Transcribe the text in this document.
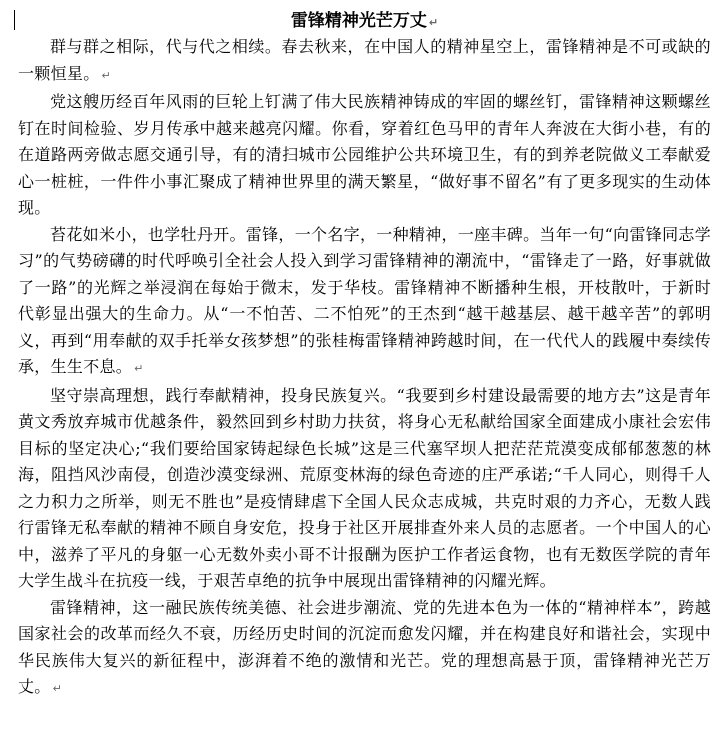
雷锋精神光芒万丈 ↵

群与群之相际，代与代之相续。春去秋来，在中国人的精神星空上，雷锋精神是不可或缺的一颗恒星。 ↵

党这艘历经百年风雨的巨轮上钉满了伟大民族精神铸成的牢固的螺丝钉，雷锋精神这颗螺丝钉在时间检验、岁月传承中越来越亮闪耀。你看，穿着红色马甲的青年人奔波在大街小巷，有的在道路两旁做志愿交通引导，有的清扫城市公园维护公共环境卫生，有的到养老院做义工奉献爱心一桩桩，一件件小事汇聚成了精神世界里的满天繁星，“做好事不留名”有了更多现实的生动体现。

苔花如米小，也学牡丹开。雷锋，一个名字，一种精神，一座丰碑。当年一句“向雷锋同志学习”的气势磅礴的时代呼唤引全社会人投入到学习雷锋精神的潮流中，“雷锋走了一路，好事就做了一路”的光辉之举浸润在每始于微末，发于华枝。雷锋精神不断播种生根，开枝散叶，于新时代彰显出强大的生命力。从“一不怕苦、二不怕死”的王杰到“越干越基层、越干越辛苦”的郭明义，再到“用奉献的双手托举女孩梦想”的张桂梅雷锋精神跨越时间，在一代代人的践履中奏续传承，生生不息。 ↵

坚守崇高理想，践行奉献精神，投身民族复兴。“我要到乡村建设最需要的地方去”这是青年黄文秀放弃城市优越条件，毅然回到乡村助力扶贫，将身心无私献给国家全面建成小康社会宏伟目标的坚定决心;“我们要给国家铸起绿色长城”这是三代塞罕坝人把茫茫荒漠变成郁郁葱葱的林海，阻挡风沙南侵，创造沙漠变绿洲、荒原变林海的绿色奇迹的庄严承诺;“千人同心，则得千人之力积力之所举，则无不胜也”是疫情肆虐下全国人民众志成城，共克时艰的力齐心，无数人践行雷锋无私奉献的精神不顾自身安危，投身于社区开展排查外来人员的志愿者。一个中国人的心中，滋养了平凡的身躯一心无数外卖小哥不计报酬为医护工作者运食物，也有无数医学院的青年大学生战斗在抗疫一线，于艰苦卓绝的抗争中展现出雷锋精神的闪耀光辉。

雷锋精神，这一融民族传统美德、社会进步潮流、党的先进本色为一体的“精神样本”，跨越国家社会的改革而经久不衰，历经历史时间的沉淀而愈发闪耀，并在构建良好和谐社会，实现中华民族伟大复兴的新征程中，澎湃着不绝的激情和光芒。党的理想高悬于顶，雷锋精神光芒万丈。 ↵
